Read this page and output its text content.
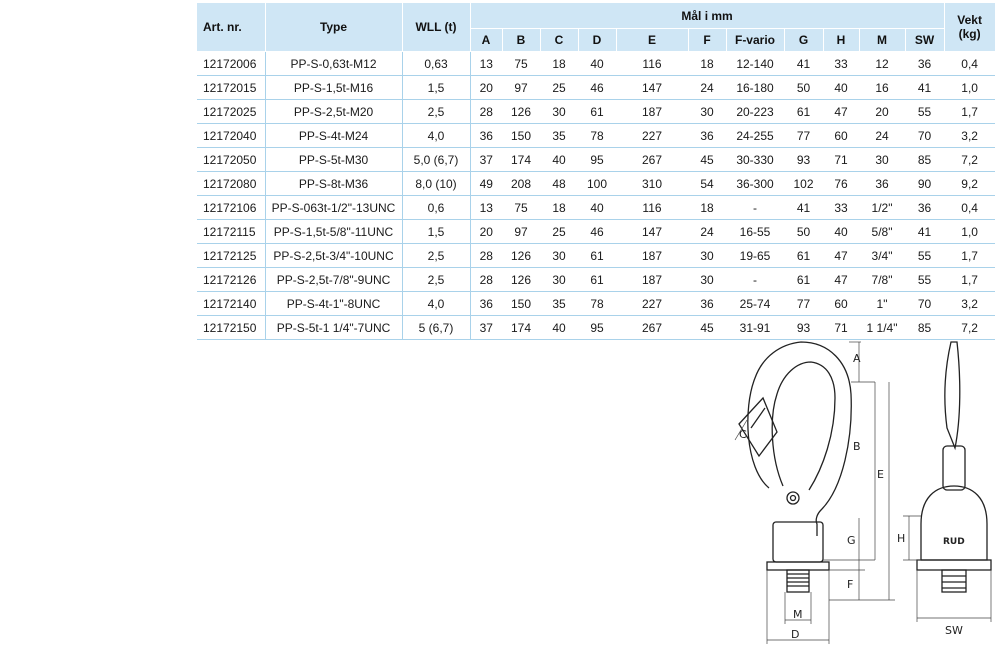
Art. nr.	Type	WLL (t)	Mål i mm											Vekt
(kg)
			A	B	C	D	E	F	F-vario	G	H	M	SW	
12172006	PP-S-0,63t-M12	0,63	13	75	18	40	116	18	12-140	41	33	12	36	0,4
12172015	PP-S-1,5t-M16	1,5	20	97	25	46	147	24	16-180	50	40	16	41	1,0
12172025	PP-S-2,5t-M20	2,5	28	126	30	61	187	30	20-223	61	47	20	55	1,7
12172040	PP-S-4t-M24	4,0	36	150	35	78	227	36	24-255	77	60	24	70	3,2
12172050	PP-S-5t-M30	5,0 (6,7)	37	174	40	95	267	45	30-330	93	71	30	85	7,2
12172080	PP-S-8t-M36	8,0 (10)	49	208	48	100	310	54	36-300	102	76	36	90	9,2
12172106	PP-S-063t-1/2"-13UNC	0,6	13	75	18	40	116	18	-	41	33	1/2"	36	0,4
12172115	PP-S-1,5t-5/8"-11UNC	1,5	20	97	25	46	147	24	16-55	50	40	5/8"	41	1,0
12172125	PP-S-2,5t-3/4"-10UNC	2,5	28	126	30	61	187	30	19-65	61	47	3/4"	55	1,7
12172126	PP-S-2,5t-7/8"-9UNC	2,5	28	126	30	61	187	30	-	61	47	7/8"	55	1,7
12172140	PP-S-4t-1"-8UNC	4,0	36	150	35	78	227	36	25-74	77	60	1"	70	3,2
12172150	PP-S-5t-1 1/4"-7UNC	5 (6,7)	37	174	40	95	267	45	31-91	93	71	1 1/4"	85	7,2
A
B
E
G
F
C
M
D
H
SW
RUD
